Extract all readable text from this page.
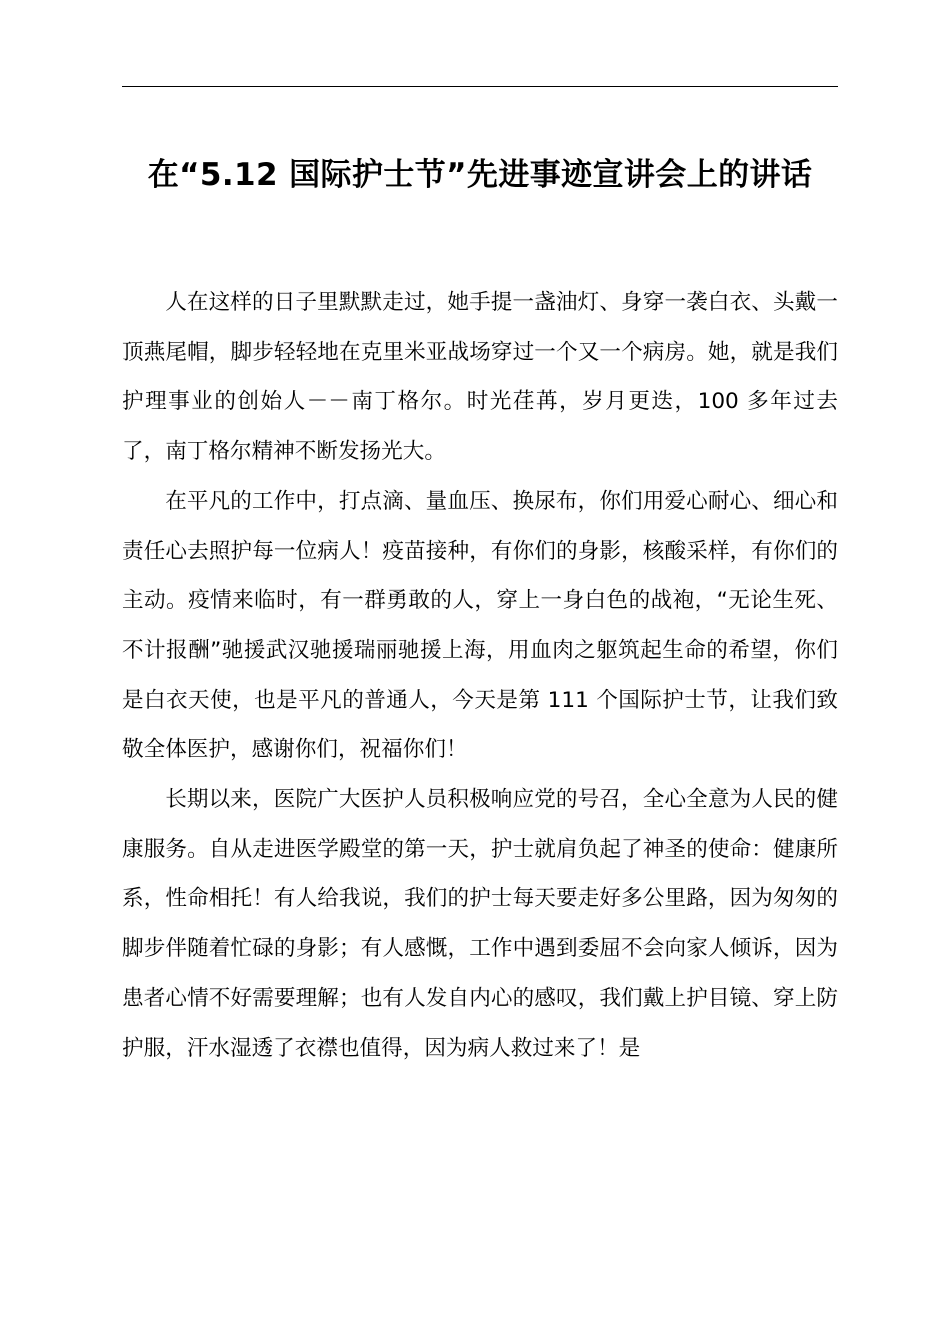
在“5.12 国际护士节”先进事迹宣讲会上的讲话

人在这样的日子里默默走过，她手提一盏油灯、身穿一袭白衣、头戴一顶燕尾帽，脚步轻轻地在克里米亚战场穿过一个又一个病房。她，就是我们护理事业的创始人－－南丁格尔。时光荏苒，岁月更迭，100 多年过去了，南丁格尔精神不断发扬光大。

在平凡的工作中，打点滴、量血压、换尿布，你们用爱心耐心、细心和责任心去照护每一位病人！疫苗接种，有你们的身影，核酸采样，有你们的主动。疫情来临时，有一群勇敢的人，穿上一身白色的战袍，“无论生死、不计报酬”驰援武汉驰援瑞丽驰援上海，用血肉之躯筑起生命的希望，你们是白衣天使，也是平凡的普通人，今天是第 111 个国际护士节，让我们致敬全体医护，感谢你们，祝福你们！

长期以来，医院广大医护人员积极响应党的号召，全心全意为人民的健康服务。自从走进医学殿堂的第一天，护士就肩负起了神圣的使命：健康所系，性命相托！有人给我说，我们的护士每天要走好多公里路，因为匆匆的脚步伴随着忙碌的身影；有人感慨，工作中遇到委屈不会向家人倾诉，因为患者心情不好需要理解；也有人发自内心的感叹，我们戴上护目镜、穿上防护服，汗水湿透了衣襟也值得，因为病人救过来了！是
